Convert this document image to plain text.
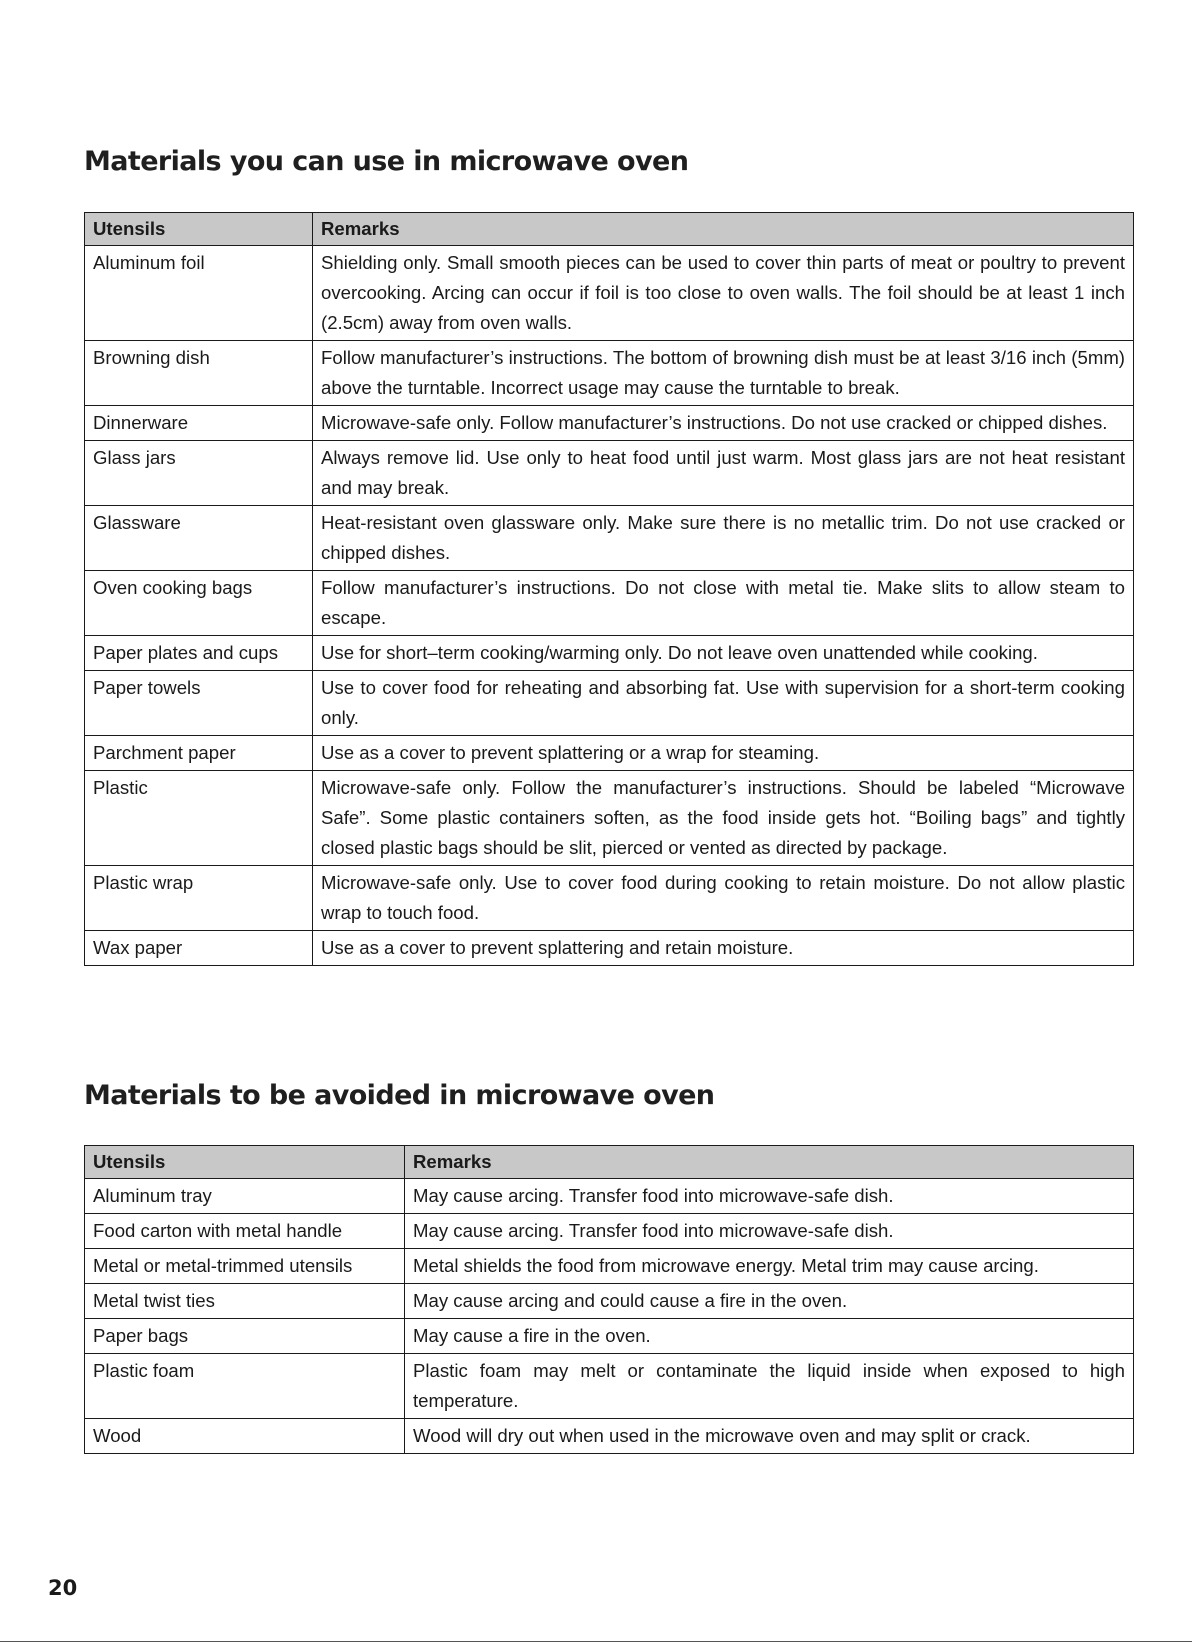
Materials you can use in microwave oven
Utensils	Remarks
Aluminum foil	Shielding only. Small smooth pieces can be used to cover thin parts of meat or poultry to prevent overcooking. Arcing can occur if foil is too close to oven walls. The foil should be at least 1 inch (2.5cm) away from oven walls.
Browning dish	Follow manufacturer’s instructions. The bottom of browning dish must be at least 3/16 inch (5mm) above the turntable. Incorrect usage may cause the turntable to break.
Dinnerware	Microwave-safe only. Follow manufacturer’s instructions. Do not use cracked or chipped dishes.
Glass jars	Always remove lid. Use only to heat food until just warm. Most glass jars are not heat resistant and may break.
Glassware	Heat-resistant oven glassware only. Make sure there is no metallic trim. Do not use cracked or chipped dishes.
Oven cooking bags	Follow manufacturer’s instructions. Do not close with metal tie. Make slits to allow steam to escape.
Paper plates and cups	Use for short–term cooking/warming only. Do not leave oven unattended while cooking.
Paper towels	Use to cover food for reheating and absorbing fat. Use with supervision for a short-term cooking only.
Parchment paper	Use as a cover to prevent splattering or a wrap for steaming.
Plastic	Microwave-safe only. Follow the manufacturer’s instructions. Should be labeled “Microwave Safe”. Some plastic containers soften, as the food inside gets hot. “Boiling bags” and tightly closed plastic bags should be slit, pierced or vented as directed by package.
Plastic wrap	Microwave-safe only. Use to cover food during cooking to retain moisture. Do not allow plastic wrap to touch food.
Wax paper	Use as a cover to prevent splattering and retain moisture.
Materials to be avoided in microwave oven
Utensils	Remarks
Aluminum tray	May cause arcing. Transfer food into microwave-safe dish.
Food carton with metal handle	May cause arcing. Transfer food into microwave-safe dish.
Metal or metal-trimmed utensils	Metal shields the food from microwave energy. Metal trim may cause arcing.
Metal twist ties	May cause arcing and could cause a fire in the oven.
Paper bags	May cause a fire in the oven.
Plastic foam	Plastic foam may melt or contaminate the liquid inside when exposed to high temperature.
Wood	Wood will dry out when used in the microwave oven and may split or crack.
20
